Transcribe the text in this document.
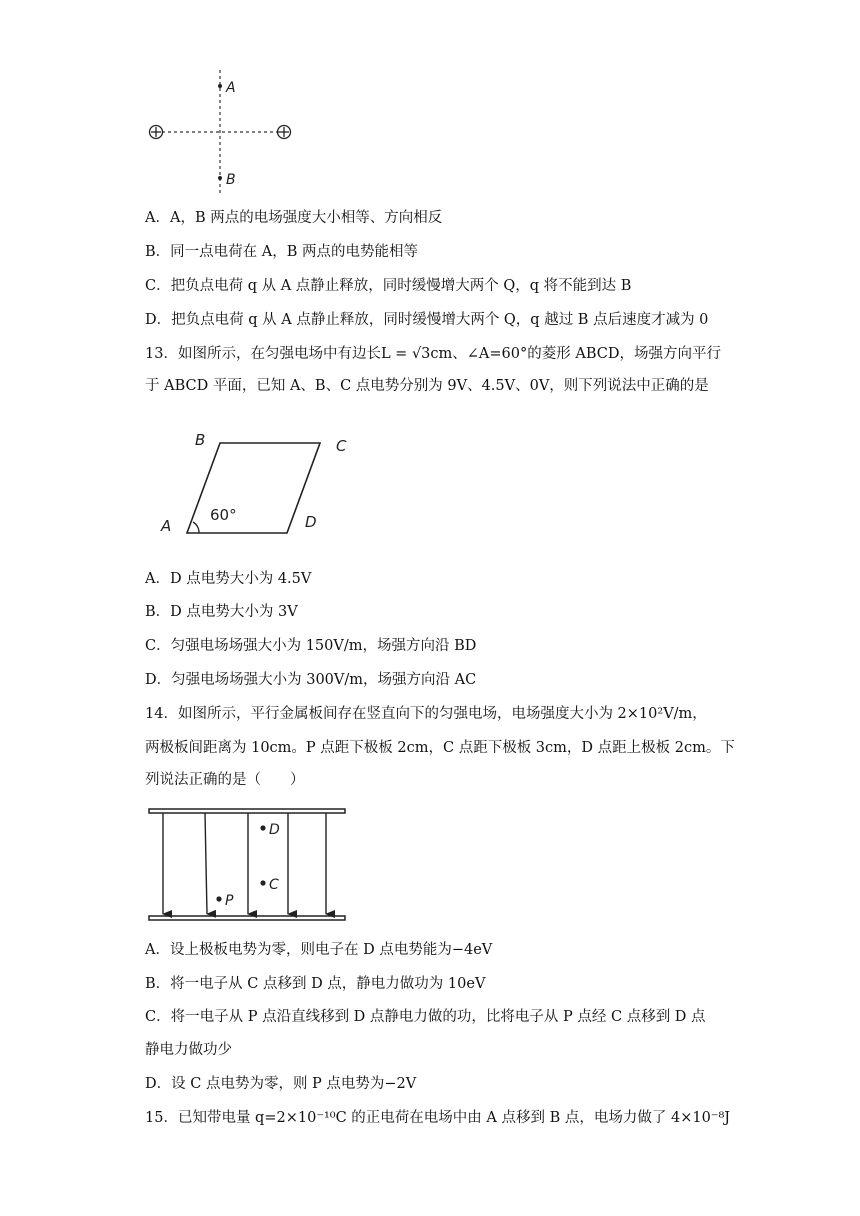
A
B
A．A，B 两点的电场强度大小相等、方向相反
B．同一点电荷在 A，B 两点的电势能相等
C．把负点电荷 q 从 A 点静止释放，同时缓慢增大两个 Q，q 将不能到达 B
D．把负点电荷 q 从 A 点静止释放，同时缓慢增大两个 Q，q 越过 B 点后速度才减为 0
13．如图所示，在匀强电场中有边长L = √3cm、∠A=60°的菱形 ABCD，场强方向平行
于 ABCD 平面，已知 A、B、C 点电势分别为 9V、4.5V、0V，则下列说法中正确的是
B	C
A	D
60°
A．D 点电势大小为 4.5V
B．D 点电势大小为 3V
C．匀强电场场强大小为 150V/m，场强方向沿 BD
D．匀强电场场强大小为 300V/m，场强方向沿 AC
14．如图所示，平行金属板间存在竖直向下的匀强电场，电场强度大小为 2×10²V/m，
两极板间距离为 10cm。P 点距下极板 2cm，C 点距下极板 3cm，D 点距上极板 2cm。下
列说法正确的是（　　）
D
C
P
A．设上极板电势为零，则电子在 D 点电势能为−4eV
B．将一电子从 C 点移到 D 点，静电力做功为 10eV
C．将一电子从 P 点沿直线移到 D 点静电力做的功，比将电子从 P 点经 C 点移到 D 点
静电力做功少
D．设 C 点电势为零，则 P 点电势为−2V
15．已知带电量 q=2×10⁻¹⁰C 的正电荷在电场中由 A 点移到 B 点，电场力做了 4×10⁻⁸J
